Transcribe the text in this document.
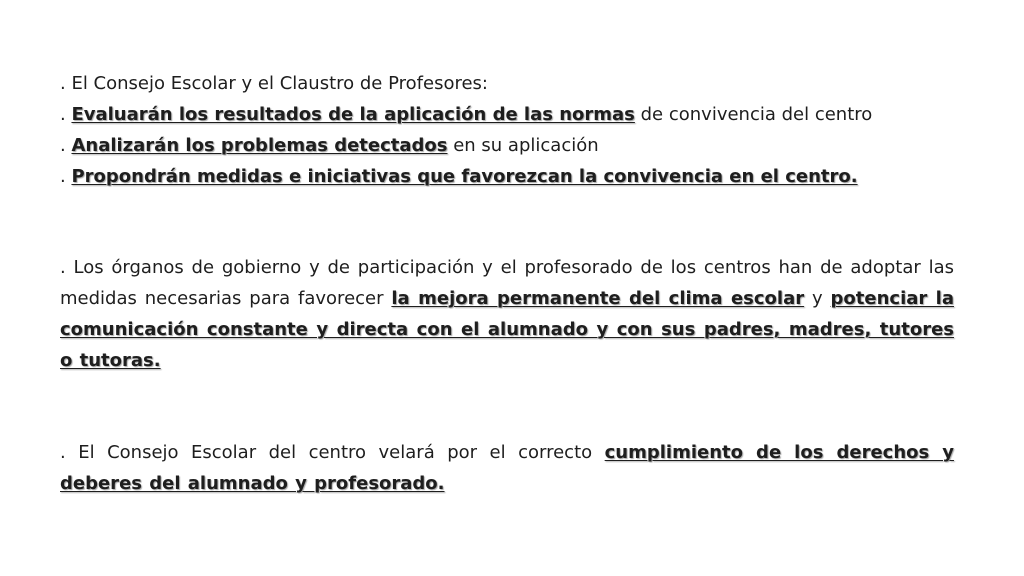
. El Consejo Escolar y el Claustro de Profesores:
. Evaluarán los resultados de la aplicación de las normas de convivencia del centro
. Analizarán los problemas detectados en su aplicación
. Propondrán medidas e iniciativas que favorezcan la convivencia en el centro.
. Los órganos de gobierno y de participación y el profesorado de los centros han de adoptar las medidas necesarias para favorecer la mejora permanente del clima escolar y potenciar la comunicación constante y directa con el alumnado y con sus padres, madres, tutores o tutoras.
. El Consejo Escolar del centro velará por el correcto cumplimiento de los derechos y deberes del alumnado y profesorado.
